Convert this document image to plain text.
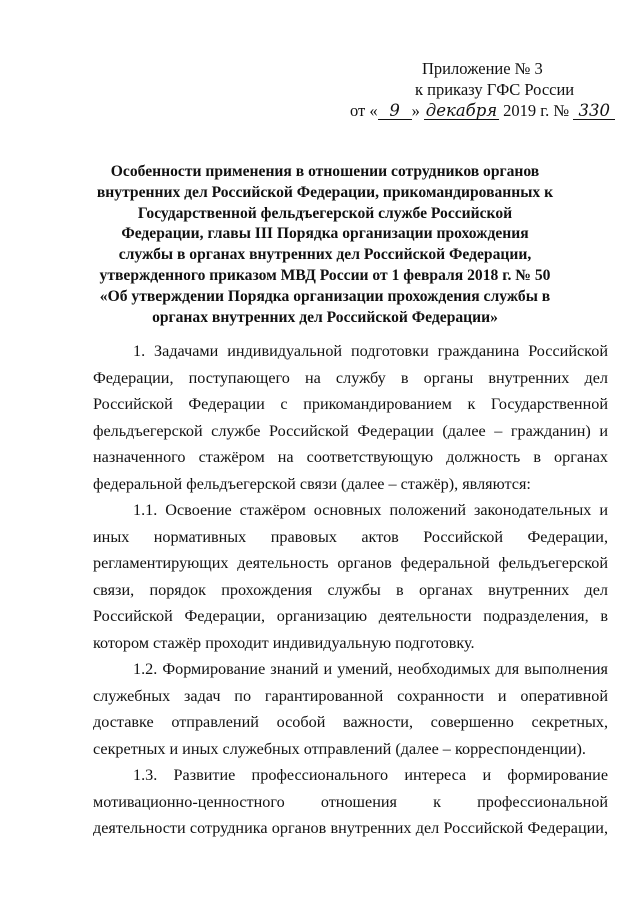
Приложение № 3
к приказу ГФС России
от « 9 » декабря 2019 г. № 330
Особенности применения в отношении сотрудников органов внутренних дел Российской Федерации, прикомандированных к Государственной фельдъегерской службе Российской Федерации, главы III Порядка организации прохождения службы в органах внутренних дел Российской Федерации, утвержденного приказом МВД России от 1 февраля 2018 г. № 50 «Об утверждении Порядка организации прохождения службы в органах внутренних дел Российской Федерации»

1. Задачами индивидуальной подготовки гражданина Российской Федерации, поступающего на службу в органы внутренних дел Российской Федерации с прикомандированием к Государственной фельдъегерской службе Российской Федерации (далее – гражданин) и назначенного стажёром на соответствующую должность в органах федеральной фельдъегерской связи (далее – стажёр), являются:

1.1. Освоение стажёром основных положений законодательных и иных нормативных правовых актов Российской Федерации, регламентирующих деятельность органов федеральной фельдъегерской связи, порядок прохождения службы в органах внутренних дел Российской Федерации, организацию деятельности подразделения, в котором стажёр проходит индивидуальную подготовку.

1.2. Формирование знаний и умений, необходимых для выполнения служебных задач по гарантированной сохранности и оперативной доставке отправлений особой важности, совершенно секретных, секретных и иных служебных отправлений (далее – корреспонденции).

1.3. Развитие профессионального интереса и формирование мотивационно-ценностного отношения к профессиональной деятельности сотрудника органов внутренних дел Российской Федерации,
